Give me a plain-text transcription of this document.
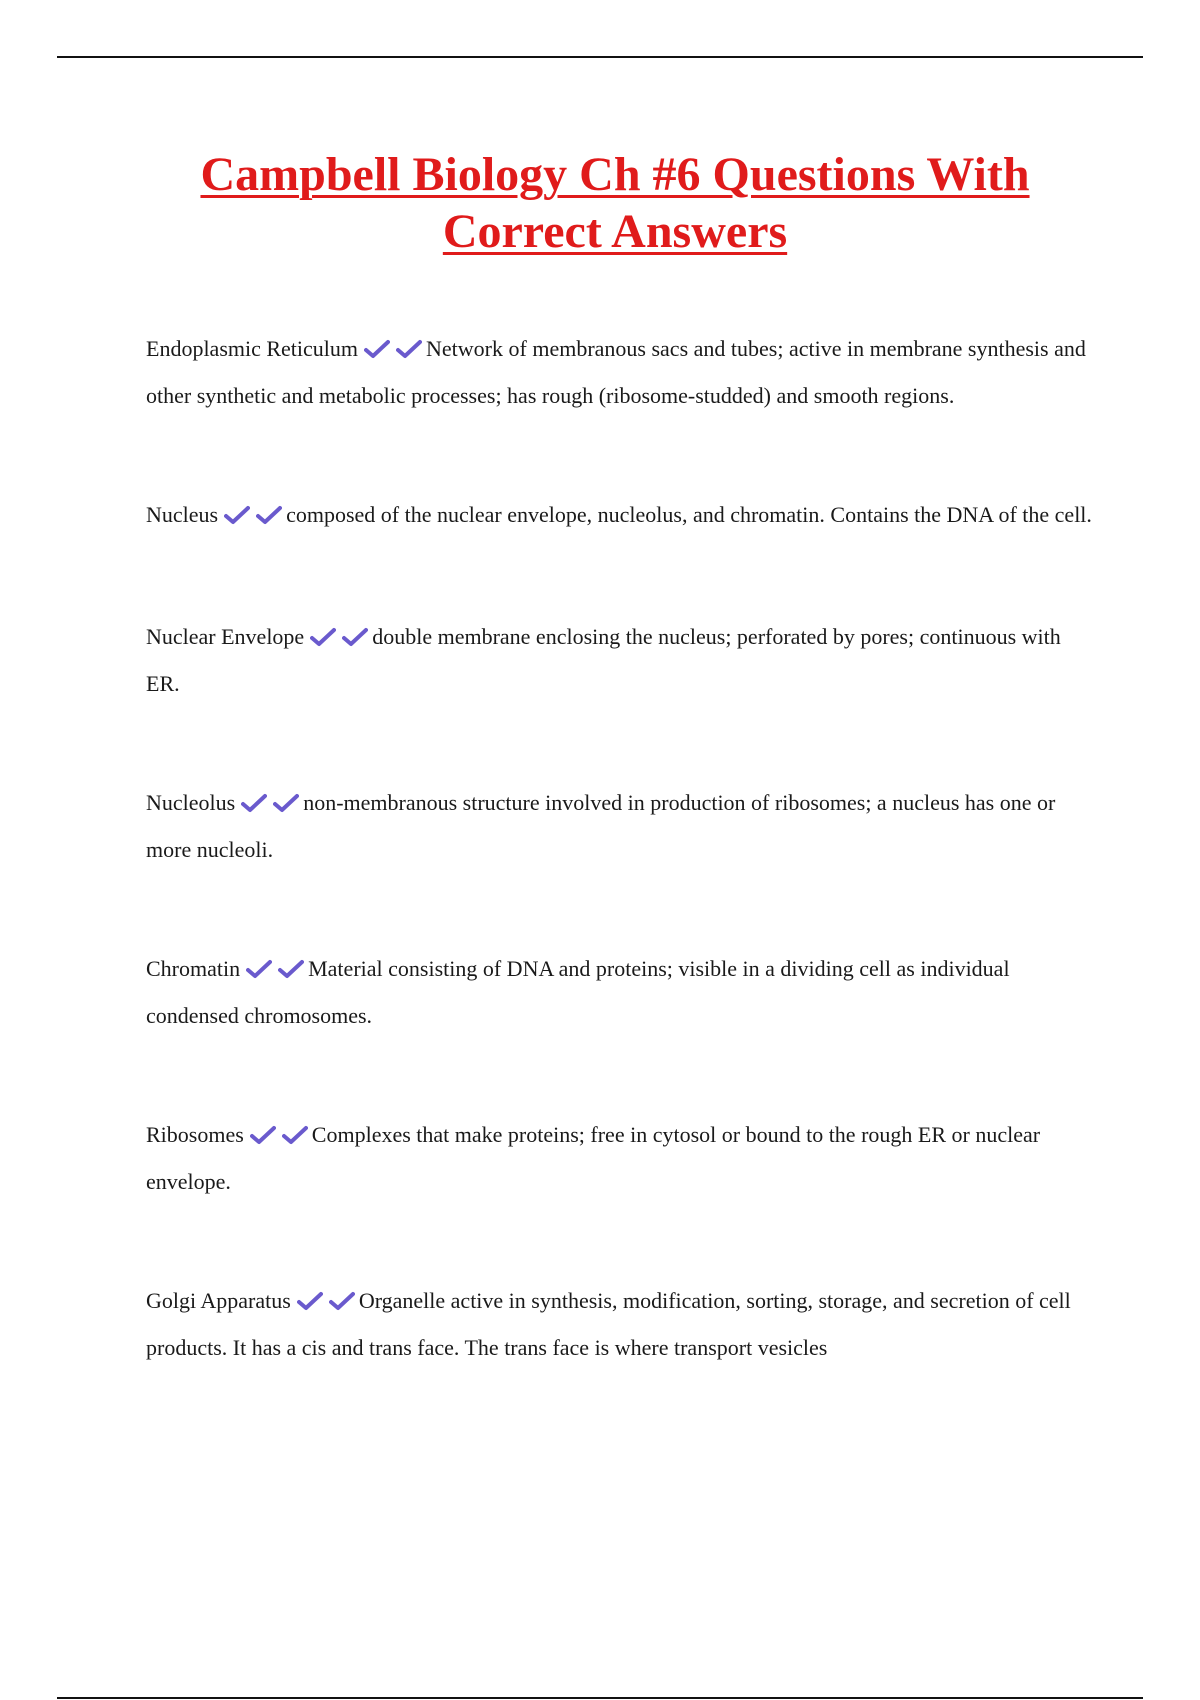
Campbell Biology Ch #6 Questions With Correct Answers

Endoplasmic Reticulum	Network of membranous sacs and tubes; active in membrane synthesis and other synthetic and metabolic processes; has rough (ribosome-studded) and smooth regions.

Nucleus	composed of the nuclear envelope, nucleolus, and chromatin. Contains the DNA of the cell.

Nuclear Envelope	double membrane enclosing the nucleus; perforated by pores; continuous with ER.

Nucleolus	non-membranous structure involved in production of ribosomes; a nucleus has one or more nucleoli.

Chromatin	Material consisting of DNA and proteins; visible in a dividing cell as individual condensed chromosomes.

Ribosomes	Complexes that make proteins; free in cytosol or bound to the rough ER or nuclear envelope.

Golgi Apparatus	Organelle active in synthesis, modification, sorting, storage, and secretion of cell products. It has a cis and trans face. The trans face is where transport vesicles
